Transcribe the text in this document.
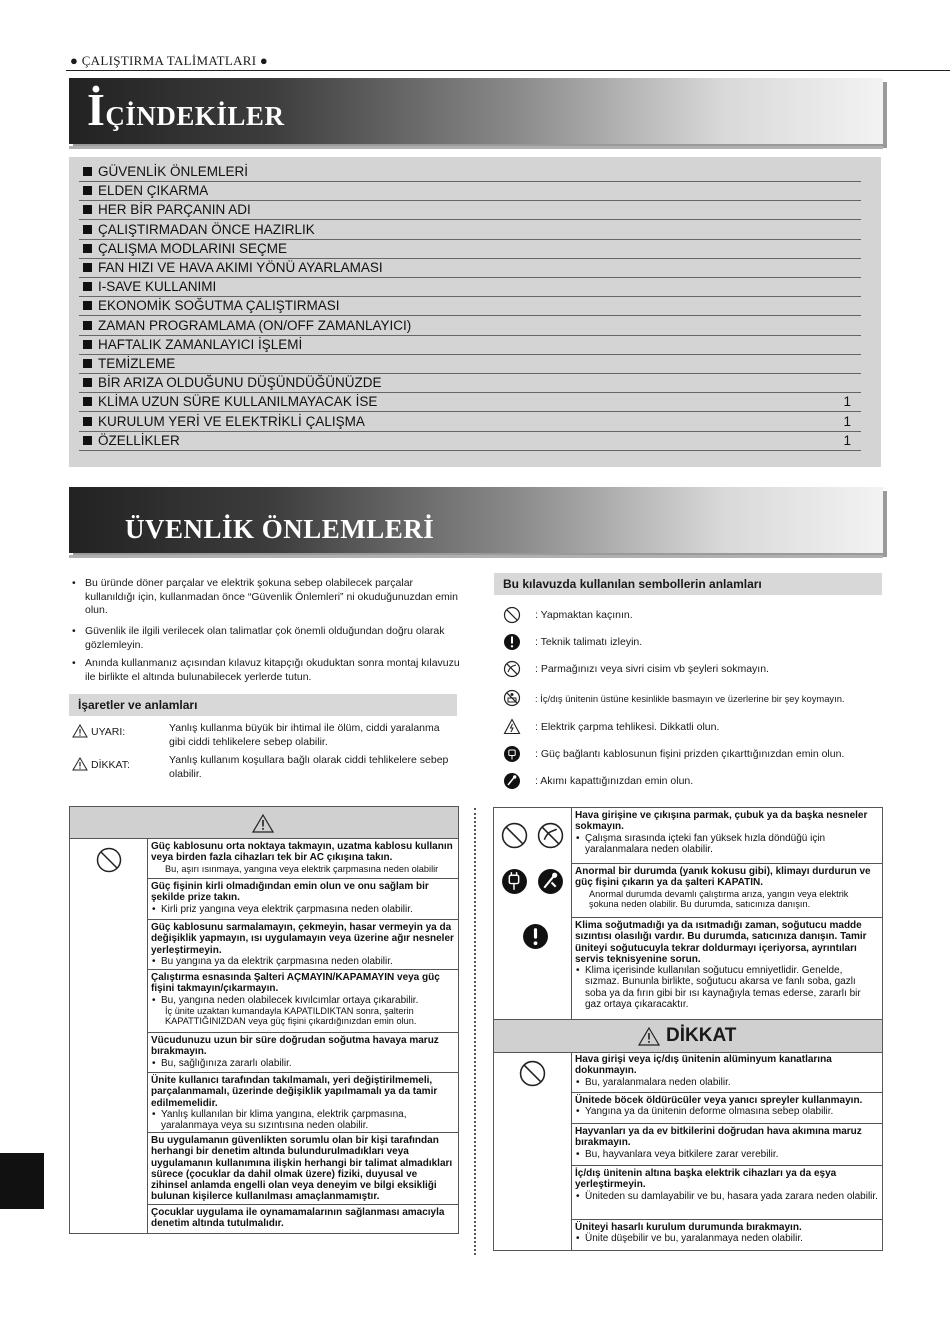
● ÇALIŞTIRMA TALİMATLARI ●
İÇİNDEKİLER
GÜVENLİK ÖNLEMLERİ
ELDEN ÇIKARMA
HER BİR PARÇANIN ADI
ÇALIŞTIRMADAN ÖNCE HAZIRLIK
ÇALIŞMA MODLARINI SEÇME
FAN HIZI VE HAVA AKIMI YÖNÜ AYARLAMASI
I-SAVE KULLANIMI
EKONOMİK SOĞUTMA ÇALIŞTIRMASI
ZAMAN PROGRAMLAMA (ON/OFF ZAMANLAYICI)
HAFTALIK ZAMANLAYICI İŞLEMİ
TEMİZLEME
BİR ARIZA OLDUĞUNU DÜŞÜNDÜĞÜNÜZDE
KLİMA UZUN SÜRE KULLANILMAYACAK İSE	1
KURULUM YERİ VE ELEKTRİKLİ ÇALIŞMA	1
ÖZELLİKLER	1
ÜVENLİK ÖNLEMLERİ
• Bu üründe döner parçalar ve elektrik şokuna sebep olabilecek parçalar kullanıldığı için, kullanmadan önce “Güvenlik Önlemleri” ni okuduğunuzdan emin olun.
• Güvenlik ile ilgili verilecek olan talimatlar çok önemli olduğundan doğru olarak gözlemleyin.
• Anında kullanmanız açısından kılavuz kitapçığı okuduktan sonra montaj kılavuzu ile birlikte el altında bulunabilecek yerlerde tutun.
İşaretler ve anlamları
UYARI:	Yanlış kullanma büyük bir ihtimal ile ölüm, ciddi yaralanma gibi ciddi tehlikelere sebep olabilir.
DİKKAT:	Yanlış kullanım koşullara bağlı olarak ciddi tehlikelere sebep olabilir.
Bu kılavuzda kullanılan sembollerin anlamları
: Yapmaktan kaçının.
: Teknik talimatı izleyin.
: Parmağınızı veya sivri cisim vb şeyleri sokmayın.
: İç/dış ünitenin üstüne kesinlikle basmayın ve üzerlerine bir şey koymayın.
: Elektrik çarpma tehlikesi. Dikkatli olun.
: Güç bağlantı kablosunun fişini prizden çıkarttığınızdan emin olun.
: Akımı kapattığınızdan emin olun.
Güç kablosunu orta noktaya takmayın, uzatma kablosu kullanın veya birden fazla cihazları tek bir AC çıkışına takın.
Bu, aşırı ısınmaya, yangına veya elektrik çarpmasına neden olabilir
Güç fişinin kirli olmadığından emin olun ve onu sağlam bir şekilde prize takın.
• Kirli priz yangına veya elektrik çarpmasına neden olabilir.
Güç kablosunu sarmalamayın, çekmeyin, hasar vermeyin ya da değişiklik yapmayın, ısı uygulamayın veya üzerine ağır nesneler yerleştirmeyin.
• Bu yangına ya da elektrik çarpmasına neden olabilir.
Çalıştırma esnasında Şalteri AÇMAYIN/KAPAMAYIN veya güç fişini takmayın/çıkarmayın.
• Bu, yangına neden olabilecek kıvılcımlar ortaya çıkarabilir.
İç ünite uzaktan kumandayla KAPATILDIKTAN sonra, şalterin KAPATTIĞINIZDAN veya güç fişini çıkardığınızdan emin olun.
Vücudunuzu uzun bir süre doğrudan soğutma havaya maruz bırakmayın.
• Bu, sağlığınıza zararlı olabilir.
Ünite kullanıcı tarafından takılmamalı, yeri değiştirilmemeli, parçalanmamalı, üzerinde değişiklik yapılmamalı ya da tamir edilmemelidir.
• Yanlış kullanılan bir klima yangına, elektrik çarpmasına, yaralanmaya veya su sızıntısına neden olabilir.
Bu uygulamanın güvenlikten sorumlu olan bir kişi tarafından herhangi bir denetim altında bulundurulmadıkları veya uygulamanın kullanımına ilişkin herhangi bir talimat almadıkları sürece (çocuklar da dahil olmak üzere) fiziki, duyusal ve zihinsel anlamda engelli olan veya deneyim ve bilgi eksikliği bulunan kişilerce kullanılması amaçlanmamıştır.
Çocuklar uygulama ile oynamamalarının sağlanması amacıyla denetim altında tutulmalıdır.
Hava girişine ve çıkışına parmak, çubuk ya da başka nesneler sokmayın.
• Çalışma sırasında içteki fan yüksek hızla döndüğü için yaralanmalara neden olabilir.
Anormal bir durumda (yanık kokusu gibi), klimayı durdurun ve güç fişini çıkarın ya da şalteri KAPATIN.
Anormal durumda devamlı çalıştırma arıza, yangın veya elektrik şokuna neden olabilir. Bu durumda, satıcınıza danışın.
Klima soğutmadığı ya da ısıtmadığı zaman, soğutucu madde sızıntısı olasılığı vardır. Bu durumda, satıcınıza danışın. Tamir üniteyi soğutucuyla tekrar doldurmayı içeriyorsa, ayrıntıları servis teknisyenine sorun.
• Klima içerisinde kullanılan soğutucu emniyetlidir. Genelde, sızmaz. Bununla birlikte, soğutucu akarsa ve fanlı soba, gazlı soba ya da fırın gibi bir ısı kaynağıyla temas ederse, zararlı bir gaz ortaya çıkaracaktır.
DİKKAT
Hava girişi veya iç/dış ünitenin alüminyum kanatlarına dokunmayın.
• Bu, yaralanmalara neden olabilir.
Ünitede böcek öldürücüler veya yanıcı spreyler kullanmayın.
• Yangına ya da ünitenin deforme olmasına sebep olabilir.
Hayvanları ya da ev bitkilerini doğrudan hava akımına maruz bırakmayın.
• Bu, hayvanlara veya bitkilere zarar verebilir.
İç/dış ünitenin altına başka elektrik cihazları ya da eşya yerleştirmeyin.
• Üniteden su damlayabilir ve bu, hasara yada zarara neden olabilir.
Üniteyi hasarlı kurulum durumunda bırakmayın.
• Ünite düşebilir ve bu, yaralanmaya neden olabilir.
